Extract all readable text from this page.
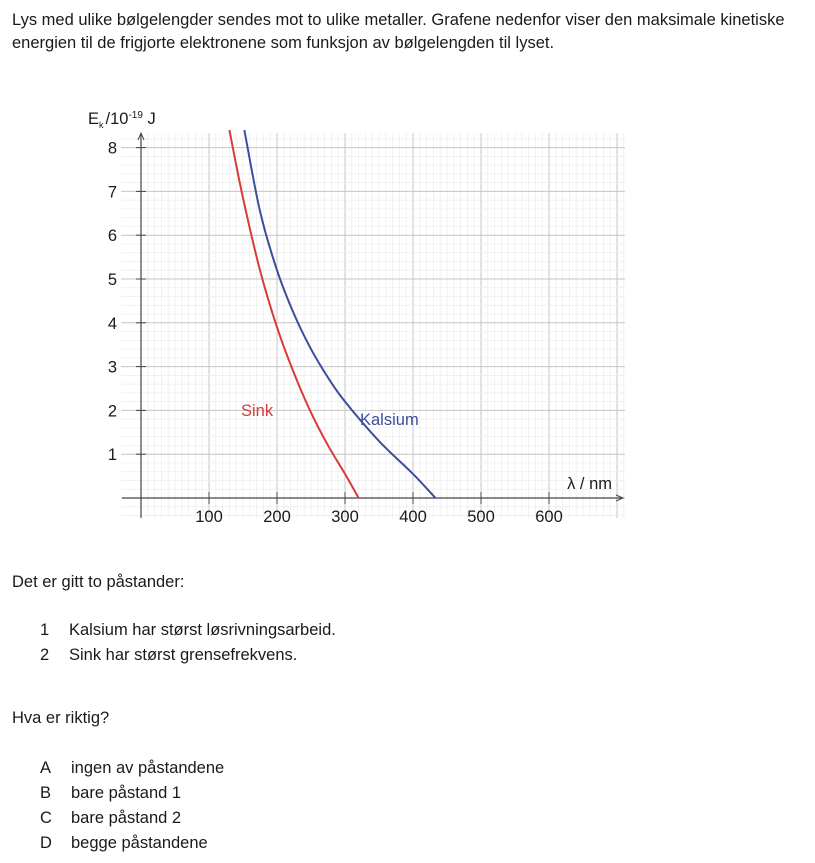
Lys med ulike bølgelengder sendes mot to ulike metaller. Grafene nedenfor viser den maksimale kinetiske energien til de frigjorte elektronene som funksjon av bølgelengden til lyset.

1
2
3
4
5
6
7
8
100 200 300 400 500 600
$E_k$ $/10^{-19}$ J
λ / nm
Sink	Kalsium

Det er gitt to påstander:

1 Kalsium har størst løsrivningsarbeid.
2 Sink har størst grensefrekvens.

Hva er riktig?

A ingen av påstandene
B bare påstand 1
C bare påstand 2
D begge påstandene
